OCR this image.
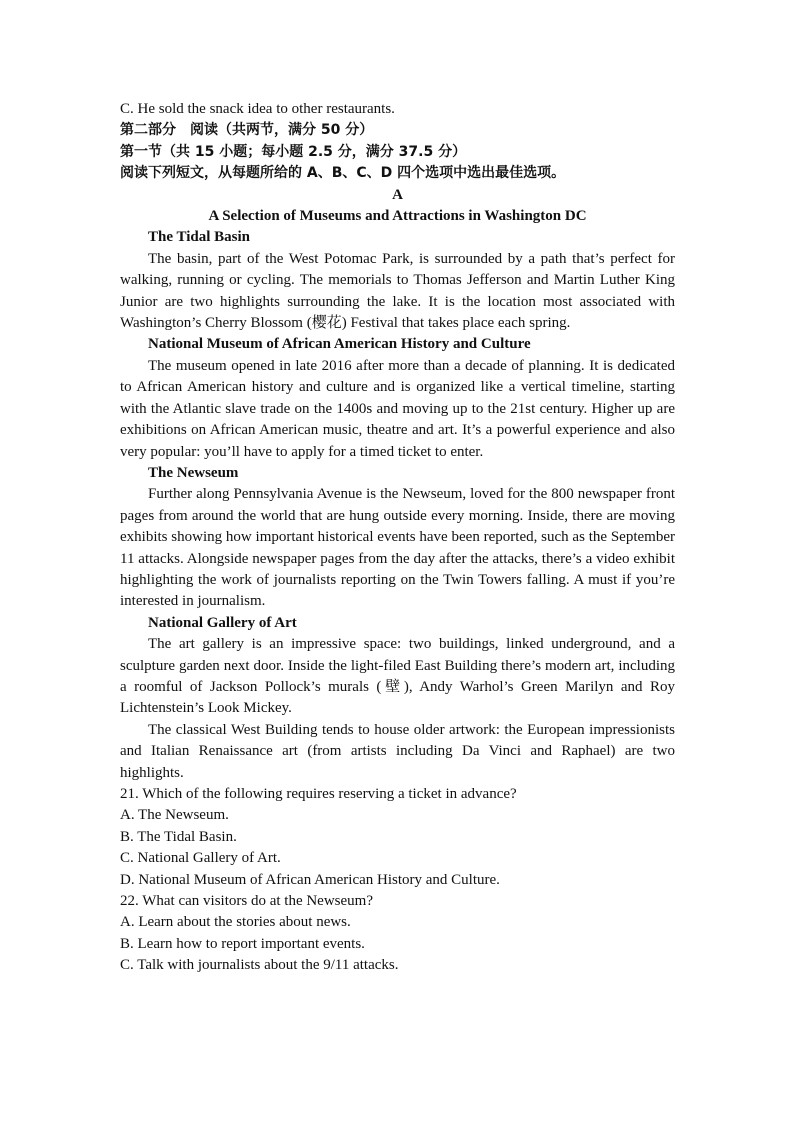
C. He sold the snack idea to other restaurants.

第二部分　阅读（共两节，满分 50 分）

第一节（共 15 小题；每小题 2.5 分，满分 37.5 分）

阅读下列短文，从每题所给的 A、B、C、D 四个选项中选出最佳选项。

A

A Selection of Museums and Attractions in Washington DC

The Tidal Basin

The basin, part of the West Potomac Park, is surrounded by a path that’s perfect for walking, running or cycling. The memorials to Thomas Jefferson and Martin Luther King Junior are two highlights surrounding the lake. It is the location most associated with Washington’s Cherry Blossom (樱花) Festival that takes place each spring.

National Museum of African American History and Culture

The museum opened in late 2016 after more than a decade of planning. It is dedicated to African American history and culture and is organized like a vertical timeline, starting with the Atlantic slave trade on the 1400s and moving up to the 21st century. Higher up are exhibitions on African American music, theatre and art. It’s a powerful experience and also very popular: you’ll have to apply for a timed ticket to enter.

The Newseum

Further along Pennsylvania Avenue is the Newseum, loved for the 800 newspaper front pages from around the world that are hung outside every morning. Inside, there are moving exhibits showing how important historical events have been reported, such as the September 11 attacks. Alongside newspaper pages from the day after the attacks, there’s a video exhibit highlighting the work of journalists reporting on the Twin Towers falling. A must if you’re interested in journalism.

National Gallery of Art

The art gallery is an impressive space: two buildings, linked underground, and a sculpture garden next door. Inside the light-filed East Building there’s modern art, including a roomful of Jackson Pollock’s murals (壁), Andy Warhol’s Green Marilyn and Roy Lichtenstein’s Look Mickey.

The classical West Building tends to house older artwork: the European impressionists and Italian Renaissance art (from artists including Da Vinci and Raphael) are two highlights.

21. Which of the following requires reserving a ticket in advance?

A. The Newseum.

B. The Tidal Basin.

C. National Gallery of Art.

D. National Museum of African American History and Culture.

22. What can visitors do at the Newseum?

A. Learn about the stories about news.

B. Learn how to report important events.

C. Talk with journalists about the 9/11 attacks.
